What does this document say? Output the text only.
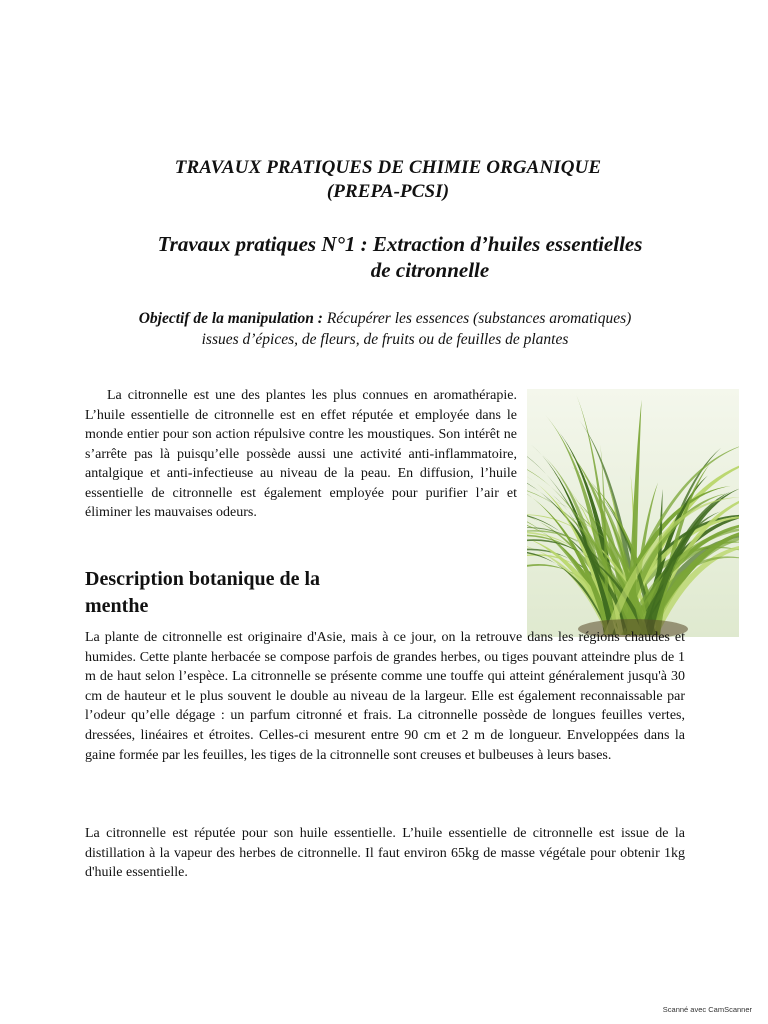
TRAVAUX PRATIQUES DE CHIMIE ORGANIQUE
(PREPA-PCSI)
Travaux pratiques N°1 : Extraction d’huiles essentielles
de citronnelle
Objectif de la manipulation : Récupérer les essences (substances aromatiques)
issues d’épices, de fleurs, de fruits ou de feuilles de plantes

La citronnelle est une des plantes les plus connues en aromathérapie. L’huile essentielle de citronnelle est en effet réputée et employée dans le monde entier pour son action répulsive contre les moustiques. Son intérêt ne s’arrête pas là puisqu’elle possède aussi une activité anti-inflammatoire, antalgique et anti-infectieuse au niveau de la peau. En diffusion, l’huile essentielle de citronnelle est également employée pour purifier l’air et éliminer les mauvaises odeurs.

Description botanique de la menthe

La plante de citronnelle est originaire d'Asie, mais à ce jour, on la retrouve dans les régions chaudes et humides. Cette plante herbacée se compose parfois de grandes herbes, ou tiges pouvant atteindre plus de 1 m de haut selon l’espèce. La citronnelle se présente comme une touffe qui atteint généralement jusqu'à 30 cm de hauteur et le plus souvent le double au niveau de la largeur. Elle est également reconnaissable par l’odeur qu’elle dégage : un parfum citronné et frais. La citronnelle possède de longues feuilles vertes, dressées, linéaires et étroites. Celles-ci mesurent entre 90 cm et 2 m de longueur. Enveloppées dans la gaine formée par les feuilles, les tiges de la citronnelle sont creuses et bulbeuses à leurs bases.

La citronnelle est réputée pour son huile essentielle. L’huile essentielle de citronnelle est issue de la distillation à la vapeur des herbes de citronnelle. Il faut environ 65kg de masse végétale pour obtenir 1kg d'huile essentielle.

Scanné avec CamScanner
